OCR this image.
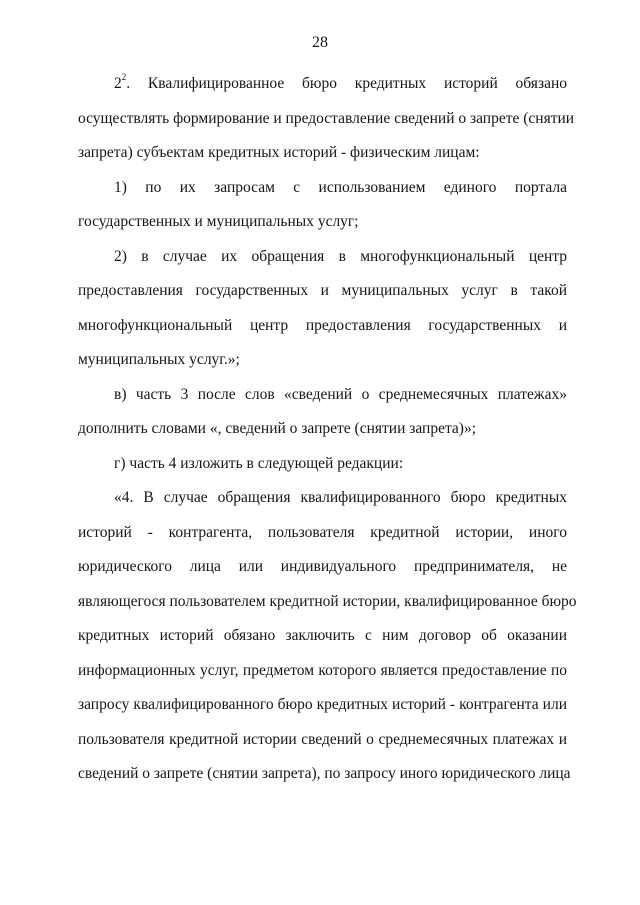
28
$2^2$. Квалифицированное бюро кредитных историй обязано
осуществлять формирование и предоставление сведений о запрете (снятии
запрета) субъектам кредитных историй - физическим лицам:
1) по их запросам с использованием единого портала
государственных и муниципальных услуг;
2) в случае их обращения в многофункциональный центр
предоставления государственных и муниципальных услуг в такой
многофункциональный центр предоставления государственных и
муниципальных услуг.»;
в) часть 3 после слов «сведений о среднемесячных платежах»
дополнить словами «, сведений о запрете (снятии запрета)»;
г) часть 4 изложить в следующей редакции:
«4. В случае обращения квалифицированного бюро кредитных
историй - контрагента, пользователя кредитной истории, иного
юридического лица или индивидуального предпринимателя, не
являющегося пользователем кредитной истории, квалифицированное бюро
кредитных историй обязано заключить с ним договор об оказании
информационных услуг, предметом которого является предоставление по
запросу квалифицированного бюро кредитных историй - контрагента или
пользователя кредитной истории сведений о среднемесячных платежах и
сведений о запрете (снятии запрета), по запросу иного юридического лица
